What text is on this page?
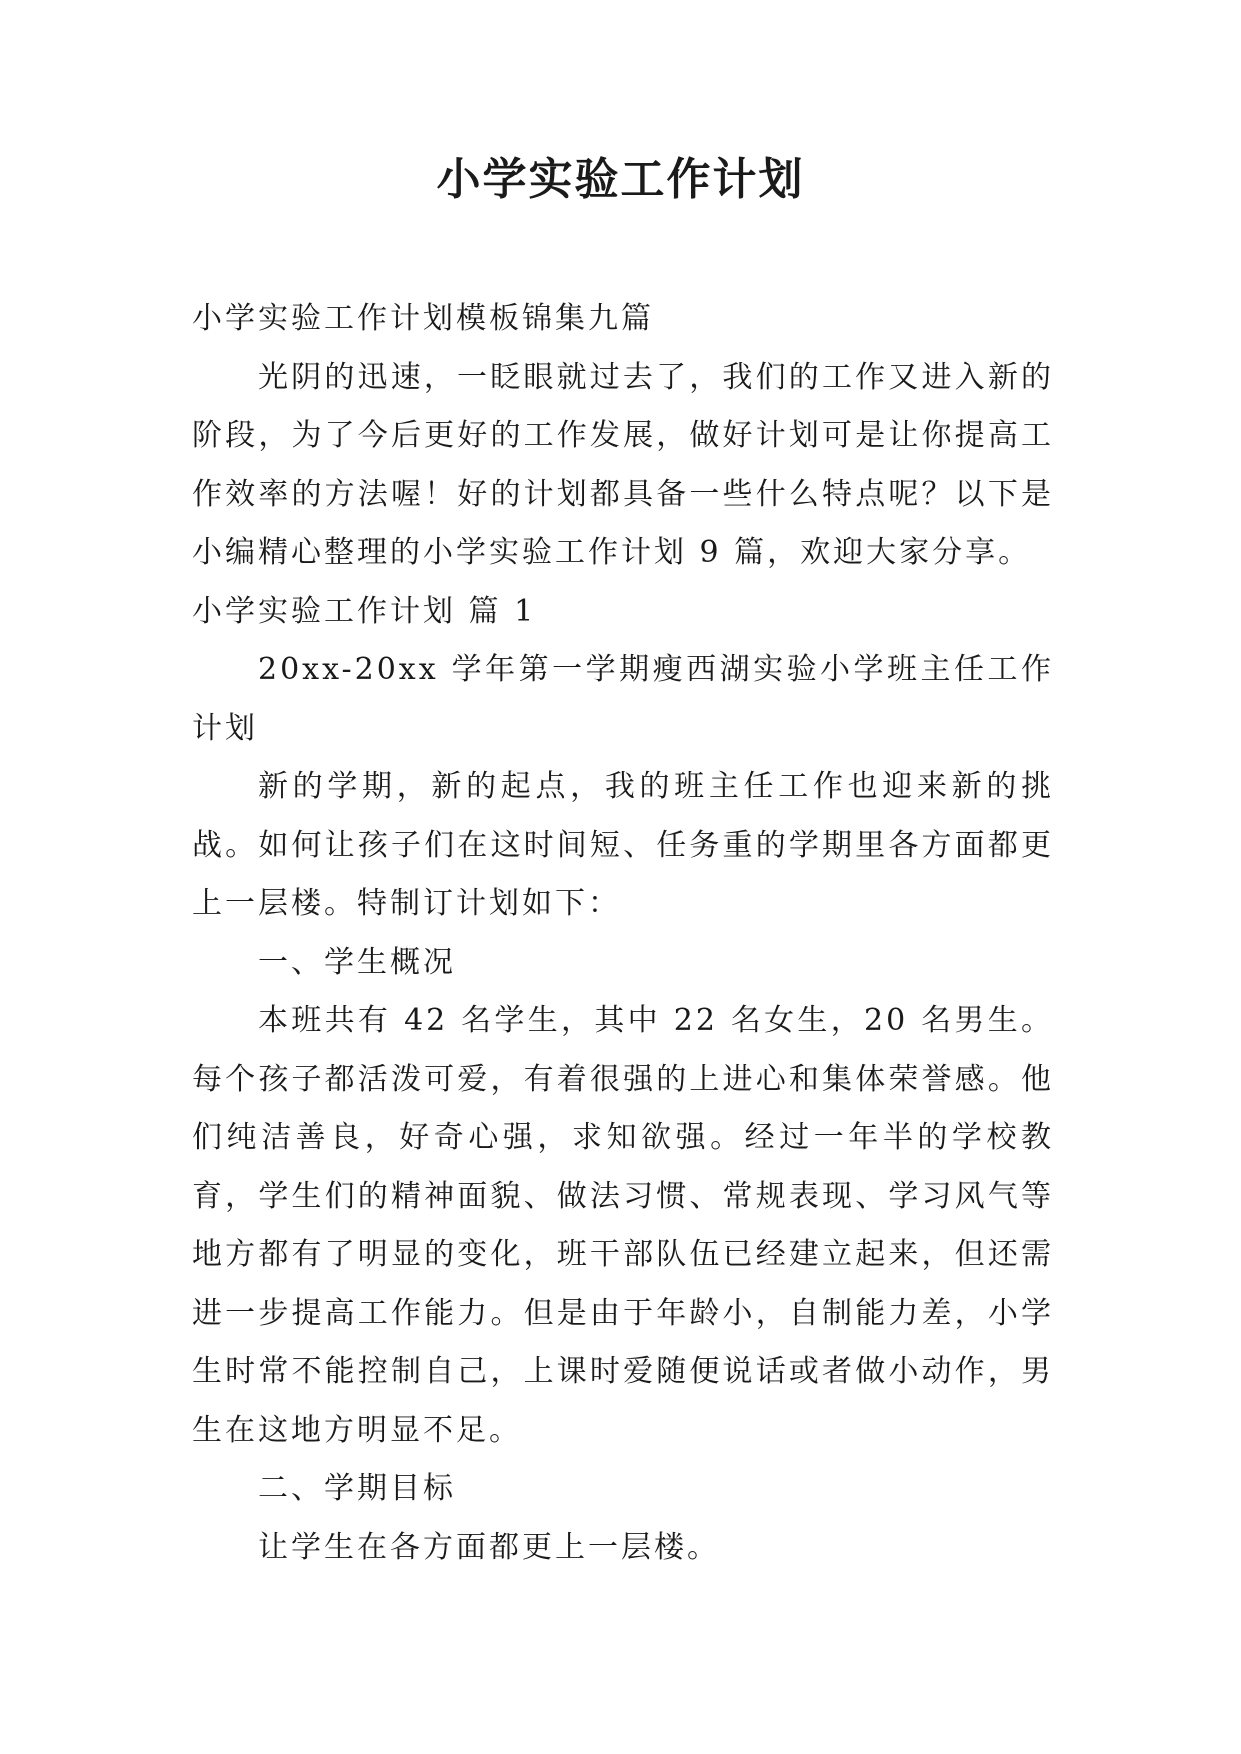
小学实验工作计划

小学实验工作计划模板锦集九篇

光阴的迅速，一眨眼就过去了，我们的工作又进入新的阶段，为了今后更好的工作发展，做好计划可是让你提高工作效率的方法喔！好的计划都具备一些什么特点呢？以下是小编精心整理的小学实验工作计划 9 篇，欢迎大家分享。

小学实验工作计划 篇 1

20xx-20xx 学年第一学期瘦西湖实验小学班主任工作计划

新的学期，新的起点，我的班主任工作也迎来新的挑战。如何让孩子们在这时间短、任务重的学期里各方面都更上一层楼。特制订计划如下：

一、学生概况

本班共有 42 名学生，其中 22 名女生，20 名男生。每个孩子都活泼可爱，有着很强的上进心和集体荣誉感。他们纯洁善良，好奇心强，求知欲强。经过一年半的学校教育，学生们的精神面貌、做法习惯、常规表现、学习风气等地方都有了明显的变化，班干部队伍已经建立起来，但还需进一步提高工作能力。但是由于年龄小，自制能力差，小学生时常不能控制自己，上课时爱随便说话或者做小动作，男生在这地方明显不足。

二、学期目标

让学生在各方面都更上一层楼。
